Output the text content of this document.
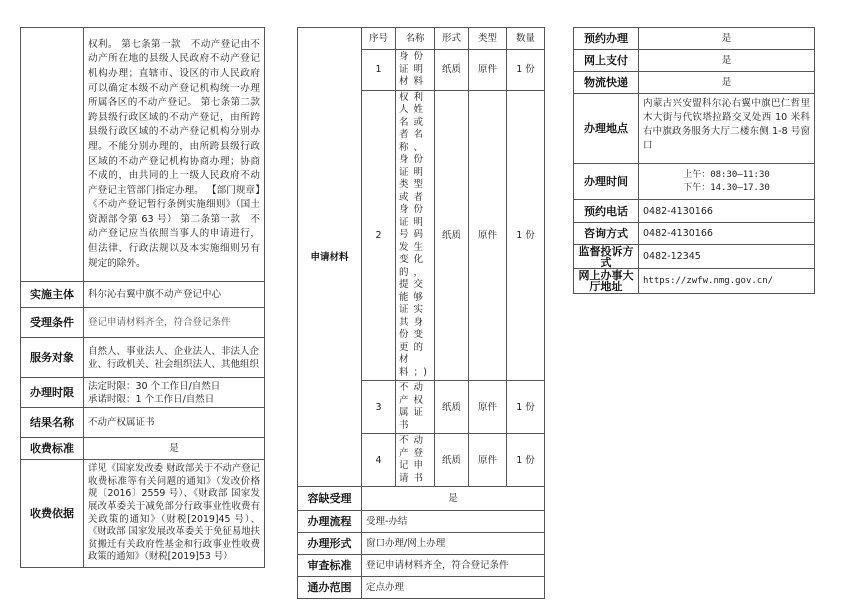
	权利。 第七条第一款　不动产登记由不动产所在地的县级人民政府不动产登记机构办理；直辖市、设区的市人民政府可以确定本级不动产登记机构统一办理所属各区的不动产登记。 第七条第二款 跨县级行政区域的不动产登记，由所跨县级行政区域的不动产登记机构分别办理。不能分别办理的，由所跨县级行政区域的不动产登记机构协商办理；协商不成的，由共同的上一级人民政府不动产登记主管部门指定办理。 【部门规章】《不动产登记暂行条例实施细则》（国土资源部令第 63 号） 第二条第一款　不动产登记应当依照当事人的申请进行，但法律、行政法规以及本实施细则另有规定的除外。
实施主体	科尔沁右翼中旗不动产登记中心
受理条件	登记申请材料齐全，符合登记条件
服务对象	自然人、事业法人、企业法人、非法人企业、行政机关、社会组织法人、其他组织
办理时限	法定时限：30 个工作日/自然日
承诺时限：1 个工作日/自然日

结果名称	不动产权属证书
收费标准	是
收费依据	详见《国家发改委 财政部关于不动产登记收费标准等有关问题的通知》（发改价格规〔2016〕2559 号）、《财政部 国家发展改革委关于减免部分行政事业性收费有关政策的通知》（财税[2019]45 号）、《财政部 国家发展改革委关于免征易地扶贫搬迁有关政府性基金和行政事业性收费政策的通知》（财税[2019]53 号）
申请材料	序号	名称	形式	类型	数量
	1	身份证明材料	纸质	原件	1 份
	2	权利人姓名或者名称、身份证明类型或者身份证明号码发生变化的，提交能够证实其身份变更的材料；)	纸质	原件	1 份
	3	不动产权属证书	纸质	原件	1 份
	4	不动产登记申请书	纸质	原件	1 份
容缺受理	是				
办理流程	受理-办结				
办理形式	窗口办理/网上办理				
审查标准	登记申请材料齐全，符合登记条件				
通办范围	定点办理				
预约办理	是
网上支付	是
物流快递	是
办理地点	内蒙古兴安盟科尔沁右翼中旗巴仁哲里木大街与代钦塔拉路交叉处西 10 米科右中旗政务服务大厅二楼东侧 1-8 号窗口
办理时间	上午：08:30—11:30
下午：14.30—17.30

预约电话	0482-4130166
咨询方式	0482-4130166
监督投诉方式	0482-12345
网上办事大厅地址	https://zwfw.nmg.gov.cn/
